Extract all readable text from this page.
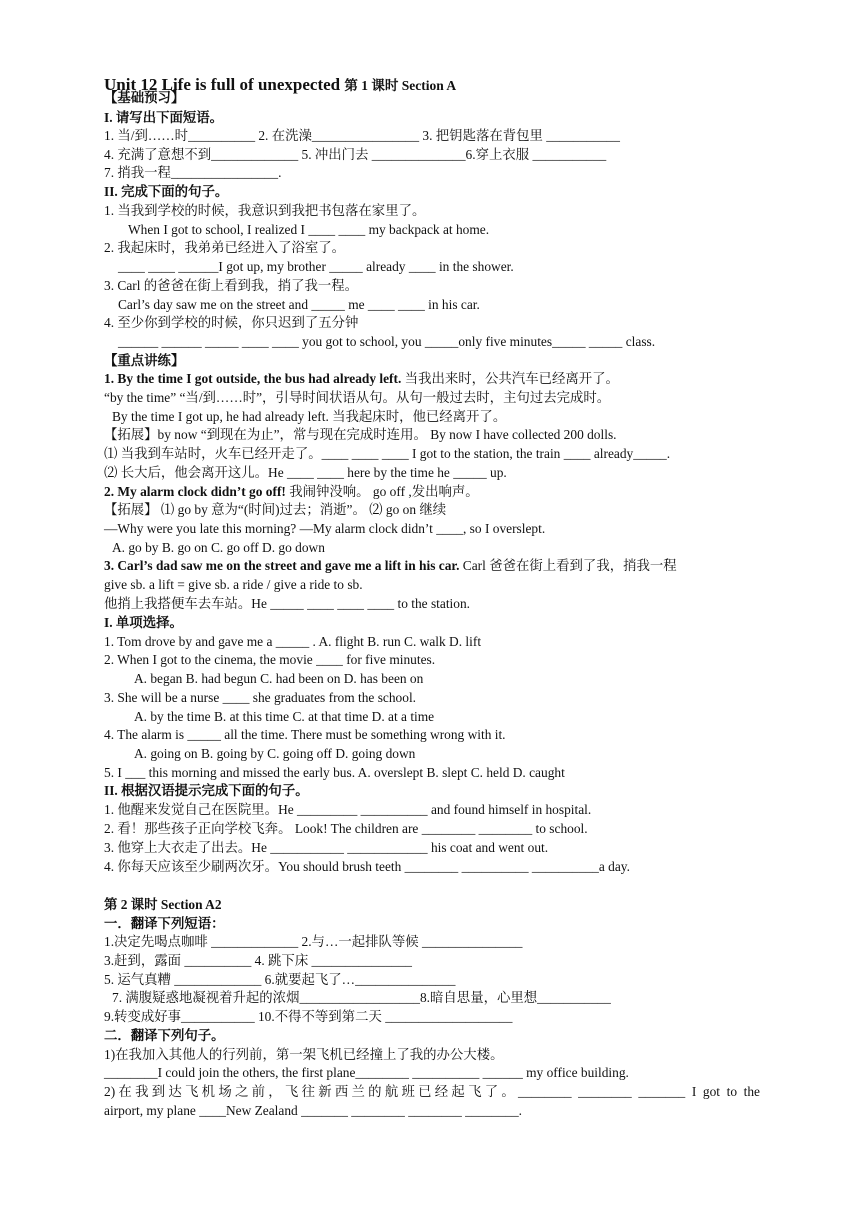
Unit 12 Life is full of unexpected 第 1 课时 Section A
【基础预习】
I. 请写出下面短语。
1. 当/到……时__________ 2. 在洗澡________________ 3. 把钥匙落在背包里 ___________
4. 充满了意想不到_____________ 5. 冲出门去 ______________6.穿上衣服 ___________
7. 捎我一程________________.
II. 完成下面的句子。
1. 当我到学校的时候，我意识到我把书包落在家里了。
When I got to school, I realized I ____ ____ my backpack at home.
2. 我起床时，我弟弟已经进入了浴室了。
____ ____ ______I got up, my brother _____ already ____ in the shower.
3. Carl 的爸爸在街上看到我，捎了我一程。
Carl’s day saw me on the street and _____ me ____ ____ in his car.
4. 至少你到学校的时候，你只迟到了五分钟
______ ______ _____ ____ ____ you got to school, you _____only five minutes_____ _____ class.
【重点讲练】
1. By the time I got outside, the bus had already left. 当我出来时，公共汽车已经离开了。
“by the time” “当/到……时”，引导时间状语从句。从句一般过去时，主句过去完成时。
By the time I got up, he had already left. 当我起床时，他已经离开了。
【拓展】by now “到现在为止”，常与现在完成时连用。 By now I have collected 200 dolls.
⑴ 当我到车站时，火车已经开走了。____ ____ ____ I got to the station, the train ____ already_____.
⑵ 长大后，他会离开这儿。He ____ ____ here by the time he _____ up.
2. My alarm clock didn’t go off! 我闹钟没响。 go off ,发出响声。
【拓展】 ⑴ go by 意为“(时间)过去；消逝”。 ⑵ go on 继续
—Why were you late this morning? —My alarm clock didn’t ____, so I overslept.
A. go by B. go on C. go off D. go down
3. Carl’s dad saw me on the street and gave me a lift in his car. Carl 爸爸在街上看到了我，捎我一程
give sb. a lift = give sb. a ride / give a ride to sb.
他捎上我搭便车去车站。He _____ ____ ____ ____ to the station.
I. 单项选择。
1. Tom drove by and gave me a _____ . A. flight B. run C. walk D. lift
2. When I got to the cinema, the movie ____ for five minutes.
A. began B. had begun C. had been on D. has been on
3. She will be a nurse ____ she graduates from the school.
A. by the time B. at this time C. at that time D. at a time
4. The alarm is _____ all the time. There must be something wrong with it.
A. going on B. going by C. going off D. going down
5. I ___ this morning and missed the early bus. A. overslept B. slept C. held D. caught
II. 根据汉语提示完成下面的句子。
1. 他醒来发觉自己在医院里。He _________ __________ and found himself in hospital.
2. 看！那些孩子正向学校飞奔。 Look! The children are ________ ________ to school.
3. 他穿上大衣走了出去。He ___________ ____________ his coat and went out.
4. 你每天应该至少刷两次牙。You should brush teeth ________ __________ __________a day.
第 2 课时 Section A2
一．翻译下列短语：
1.决定先喝点咖啡 _____________ 2.与…一起排队等候 _______________
3.赶到，露面 __________ 4. 跳下床 _______________
5. 运气真糟 _____________ 6.就要起飞了…_______________
7. 满腹疑惑地凝视着升起的浓烟__________________8.暗自思量，心里想___________
9.转变成好事___________ 10.不得不等到第二天 ___________________
二．翻译下列句子。
1)在我加入其他人的行列前，第一架飞机已经撞上了我的办公大楼。
________I could join the others, the first plane________ __________ ______ my office building.
2)在我到达飞机场之前，飞往新西兰的航班已经起飞了。________ ________ _______ I got to the
airport, my plane ____New Zealand _______ ________ ________ ________.
